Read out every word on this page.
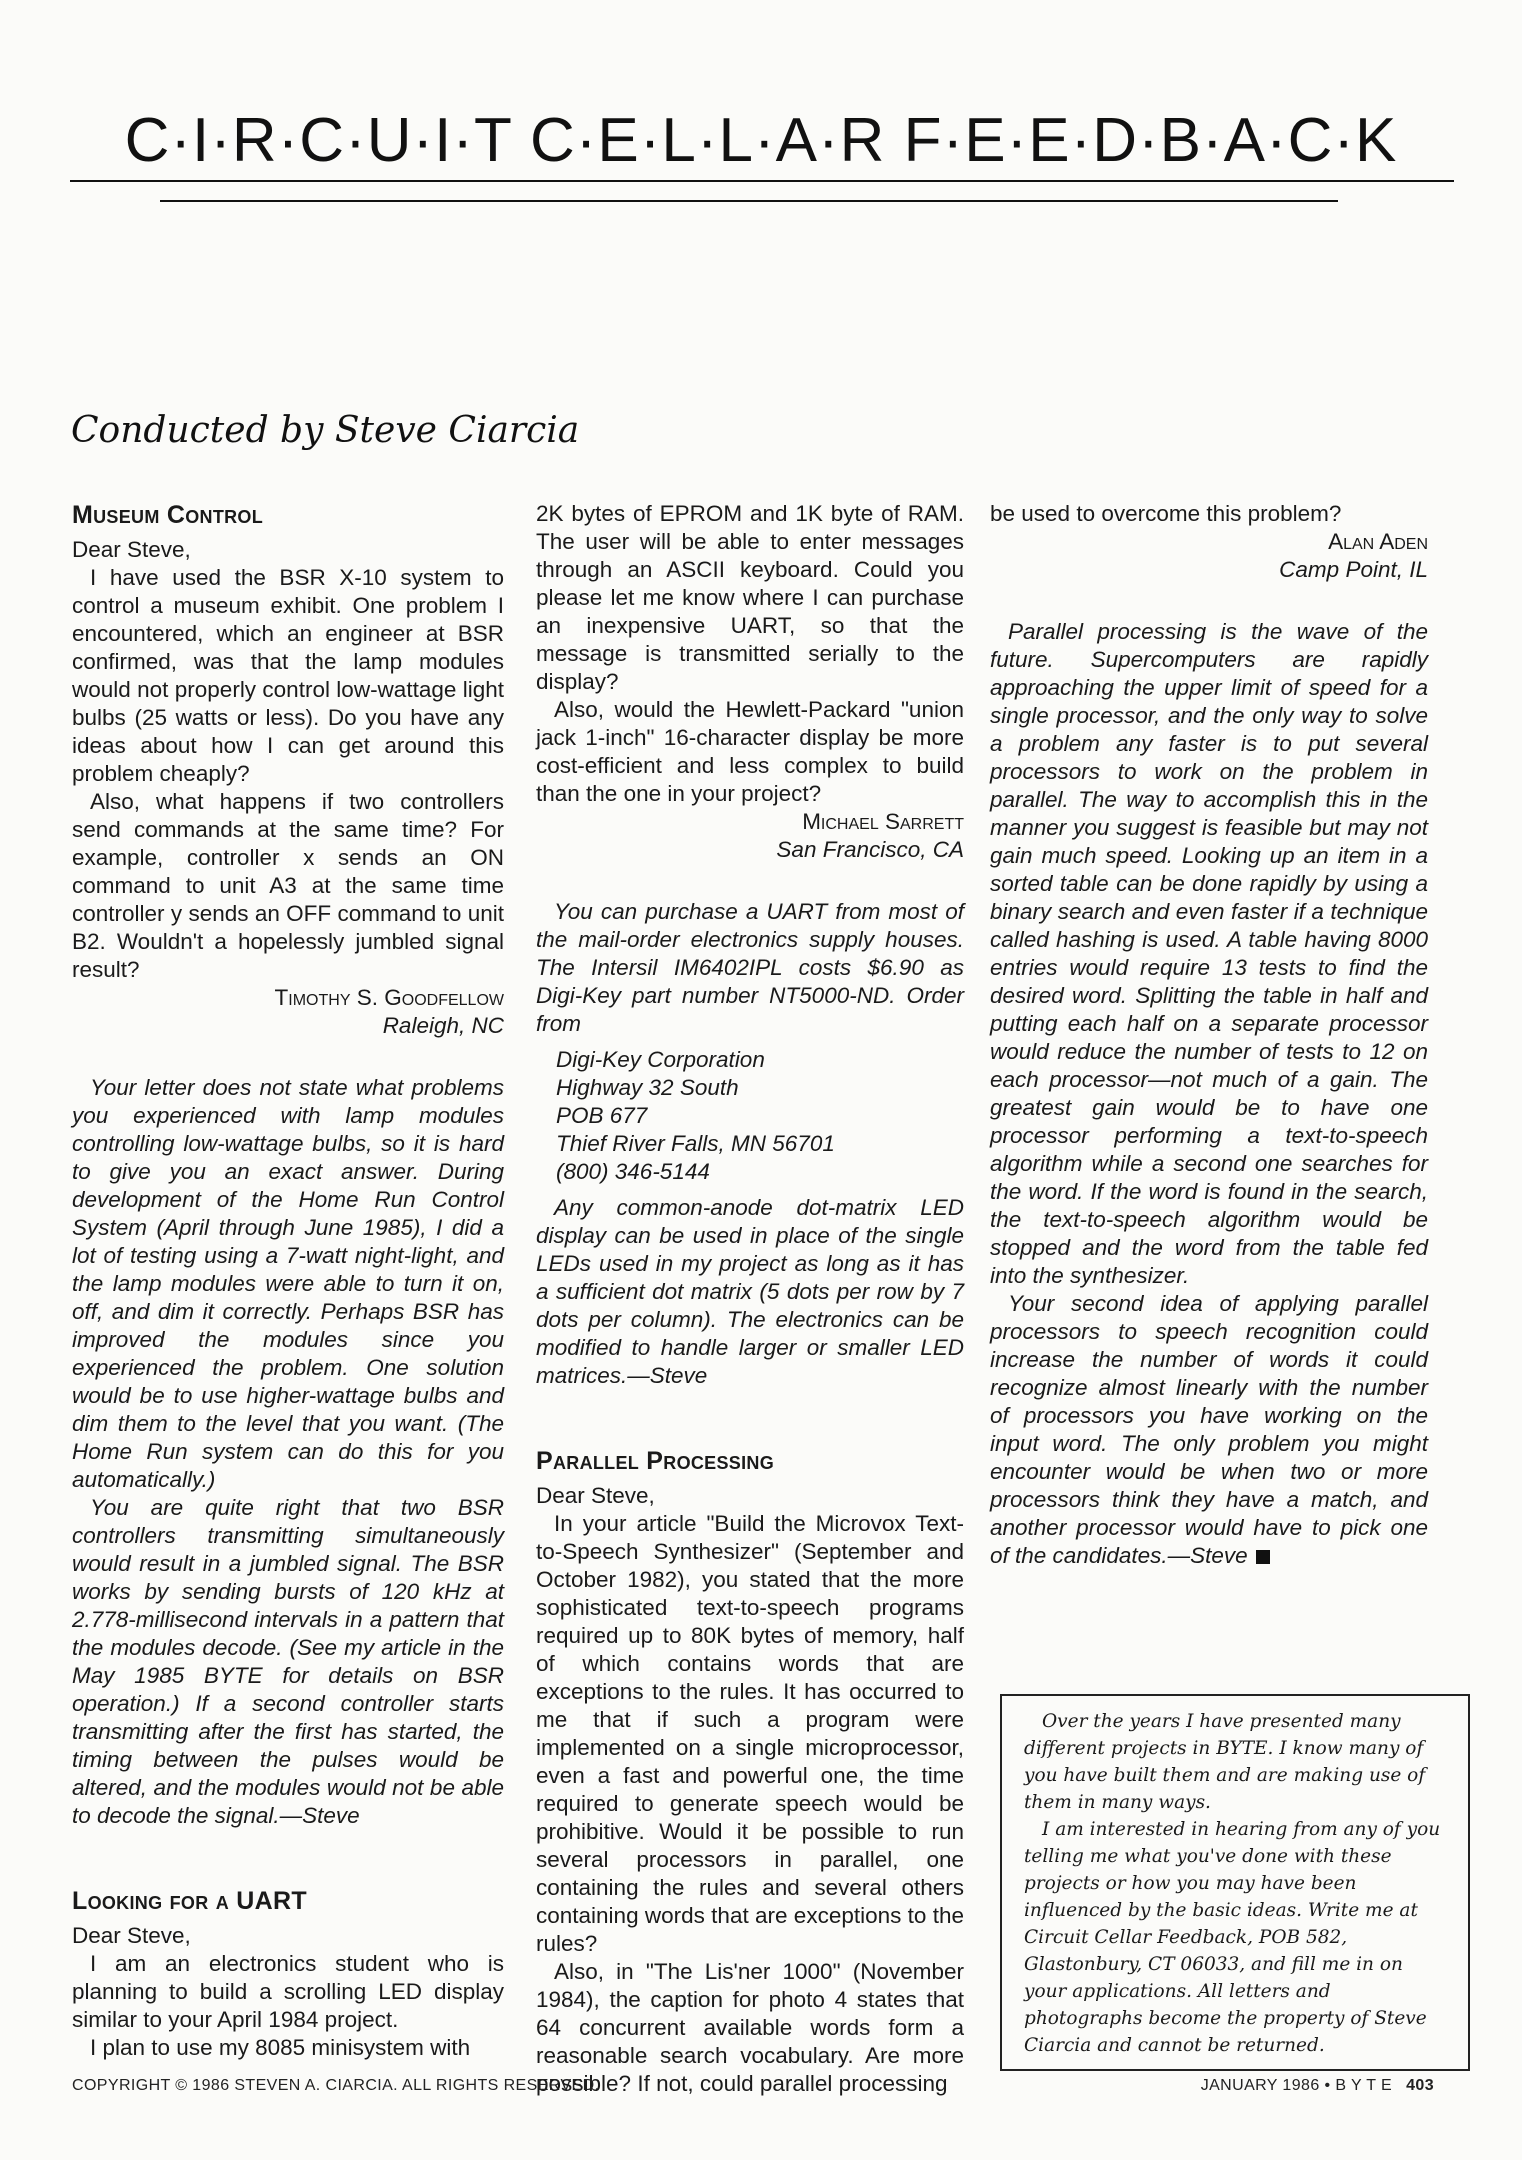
C·I·R·C·U·I·T C·E·L·L·A·R F·E·E·D·B·A·C·K
Conducted by Steve Ciarcia
Museum Control

Dear Steve,

I have used the BSR X-10 system to control a museum exhibit. One problem I encountered, which an engineer at BSR confirmed, was that the lamp modules would not properly control low-wattage light bulbs (25 watts or less). Do you have any ideas about how I can get around this problem cheaply?

Also, what happens if two controllers send commands at the same time? For example, controller x sends an ON command to unit A3 at the same time controller y sends an OFF command to unit B2. Wouldn't a hopelessly jumbled signal result?

Timothy S. Goodfellow

Raleigh, NC

Your letter does not state what problems you experienced with lamp modules controlling low-wattage bulbs, so it is hard to give you an exact answer. During development of the Home Run Control System (April through June 1985), I did a lot of testing using a 7-watt night-light, and the lamp modules were able to turn it on, off, and dim it correctly. Perhaps BSR has improved the modules since you experienced the problem. One solution would be to use higher-wattage bulbs and dim them to the level that you want. (The Home Run system can do this for you automatically.)

You are quite right that two BSR controllers transmitting simultaneously would result in a jumbled signal. The BSR works by sending bursts of 120 kHz at 2.778-millisecond intervals in a pattern that the modules decode. (See my article in the May 1985 BYTE for details on BSR operation.) If a second controller starts transmitting after the first has started, the timing between the pulses would be altered, and the modules would not be able to decode the signal.—Steve

Looking for a UART

Dear Steve,

I am an electronics student who is planning to build a scrolling LED display similar to your April 1984 project.

I plan to use my 8085 minisystem with

2K bytes of EPROM and 1K byte of RAM. The user will be able to enter messages through an ASCII keyboard. Could you please let me know where I can purchase an inexpensive UART, so that the message is transmitted serially to the display?

Also, would the Hewlett-Packard "union jack 1-inch" 16-character display be more cost-efficient and less complex to build than the one in your project?

Michael Sarrett

San Francisco, CA

You can purchase a UART from most of the mail-order electronics supply houses. The Intersil IM6402IPL costs $6.90 as Digi-Key part number NT5000-ND. Order from

Digi-Key Corporation
Highway 32 South
POB 677
Thief River Falls, MN 56701
(800) 346-5144

Any common-anode dot-matrix LED display can be used in place of the single LEDs used in my project as long as it has a sufficient dot matrix (5 dots per row by 7 dots per column). The electronics can be modified to handle larger or smaller LED matrices.—Steve

Parallel Processing

Dear Steve,

In your article "Build the Microvox Text-to-Speech Synthesizer" (September and October 1982), you stated that the more sophisticated text-to-speech programs required up to 80K bytes of memory, half of which contains words that are exceptions to the rules. It has occurred to me that if such a program were implemented on a single microprocessor, even a fast and powerful one, the time required to generate speech would be prohibitive. Would it be possible to run several processors in parallel, one containing the rules and several others containing words that are exceptions to the rules?

Also, in "The Lis'ner 1000" (November 1984), the caption for photo 4 states that 64 concurrent available words form a reasonable search vocabulary. Are more possible? If not, could parallel processing

be used to overcome this problem?

Alan Aden

Camp Point, IL

Parallel processing is the wave of the future. Supercomputers are rapidly approaching the upper limit of speed for a single processor, and the only way to solve a problem any faster is to put several processors to work on the problem in parallel. The way to accomplish this in the manner you suggest is feasible but may not gain much speed. Looking up an item in a sorted table can be done rapidly by using a binary search and even faster if a technique called hashing is used. A table having 8000 entries would require 13 tests to find the desired word. Splitting the table in half and putting each half on a separate processor would reduce the number of tests to 12 on each processor—not much of a gain. The greatest gain would be to have one processor performing a text-to-speech algorithm while a second one searches for the word. If the word is found in the search, the text-to-speech algorithm would be stopped and the word from the table fed into the synthesizer.

Your second idea of applying parallel processors to speech recognition could increase the number of words it could recognize almost linearly with the number of processors you have working on the input word. The only problem you might encounter would be when two or more processors think they have a match, and another processor would have to pick one of the candidates.—Steve

Over the years I have presented many different projects in BYTE. I know many of you have built them and are making use of them in many ways.

I am interested in hearing from any of you telling me what you've done with these projects or how you may have been influenced by the basic ideas. Write me at Circuit Cellar Feedback, POB 582, Glastonbury, CT 06033, and fill me in on your applications. All letters and photographs become the property of Steve Ciarcia and cannot be returned.

COPYRIGHT © 1986 STEVEN A. CIARCIA. ALL RIGHTS RESERVED.	JANUARY 1986 • B Y T E 403
